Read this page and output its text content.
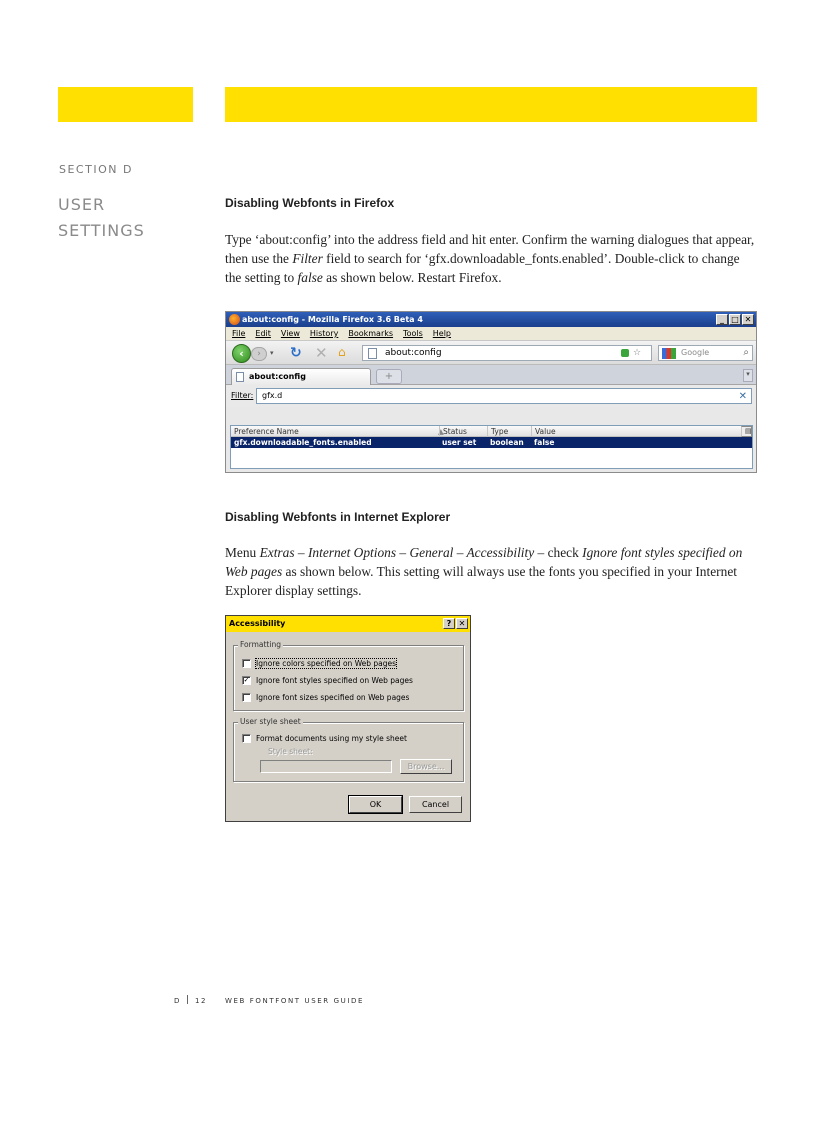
SECTION D
USER
SETTINGS
Disabling Webfonts in Firefox

Type ‘about:config’ into the address field and hit enter. Confirm the warning dialogues that appear, then use the Filter field to search for ‘gfx.downloadable_fonts.enabled’. Double-click to change the setting to false as shown below. Restart Firefox.

about:config - Mozilla Firefox 3.6 Beta 4	_ □ ✕
File Edit View History Bookmarks Tools Help
‹	›	▾ ↻ ✕ ⌂	about:config	☆	Google	⌕
about:config	+	▾
Filter:	gfx.d	✕
Preference Name	▲ Status	Type	Value	▤
gfx.downloadable_fonts.enabled	user set	boolean	false
Disabling Webfonts in Internet Explorer

Menu Extras – Internet Options – General – Accessibility – check Ignore font styles specified on Web pages as shown below. This setting will always use the fonts you specified in your Internet Explorer display settings.

Accessibility	? ✕
Formatting
Ignore colors specified on Web pages
✓ Ignore font styles specified on Web pages
Ignore font sizes specified on Web pages
User style sheet
Format documents using my style sheet
Style sheet:
Browse...
OK	Cancel
D | 12	WEB FONTFONT USER GUIDE
